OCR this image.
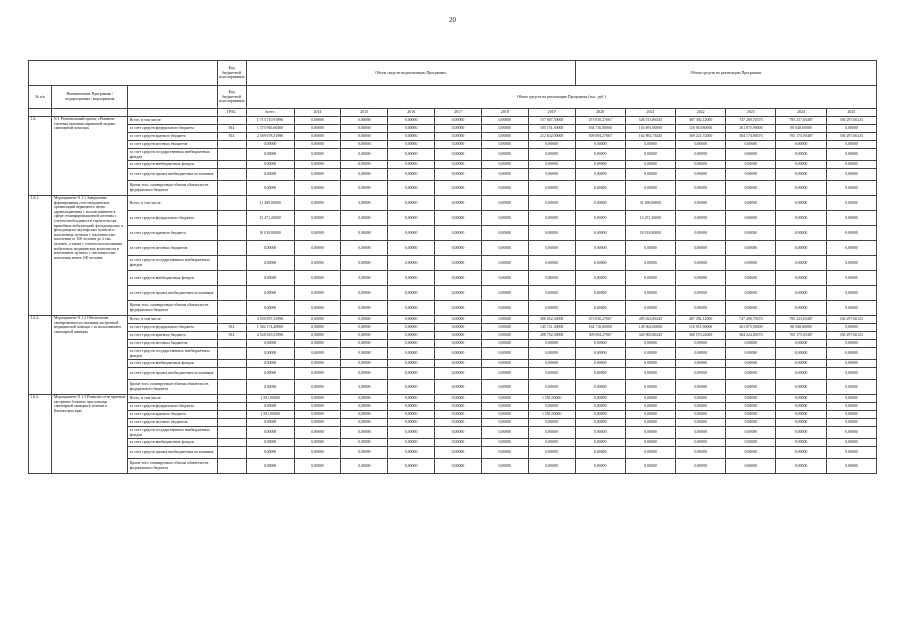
20
			Код бюджетной классификации	Объем средств на реализацию Программы							Объем средств на реализацию Программы					
№ п/п	Наименование Программы / подпрограммы / мероприятия		Код бюджетной классификации	Объем средств на реализацию Программы (тыс. руб.)												
			ГРБС	всего	2014	2015	2016	2017	2018	2019	2020	2021	2022	2023	2024	2025
1.6.	N 1 Региональный проект «Развитие системы оказания первичной медико-санитарной помощи»	Всего, в том числе:		1 713 710,91896	0,00000	0,00000	0,00000	0,00000	0,00000	157 607,30000	473 810,27067	526 513,86345	497 392,12000	747 200,70370	785 237,65487	356 297,66123
		за счет средств федерального бюджета	814	1 373 965,60400	0,00000	0,00000	0,00000	0,00000	0,00000	185 151,30000	164 716,00000	163 691,00000	116 910,80000	361 875,90000	80 048,60000	0,00000
		за счет средств краевого бюджета	814	2 569 678,31896	0,00000	0,00000	0,00000	0,00000	0,00000	212 632,00000	309 094,27067	162 892,73445	369 221,72000	384 174,80370	765 175,05487	356 297,66123
		за счет средств местных бюджетов		0,00000	0,00000	0,00000	0,00000	0,00000	0,00000	0,00000	0,00000	0,00000	0,00000	0,00000	0,00000	0,00000
		за счет средств государственных внебюджетных фондов		0,00000	0,00000	0,00000	0,00000	0,00000	0,00000	0,00000	0,00000	0,00000	0,00000	0,00000	0,00000	0,00000
		за счет средств внебюджетных фондов		0,00000	0,00000	0,00000	0,00000	0,00000	0,00000	0,00000	0,00000	0,00000	0,00000	0,00000	0,00000	0,00000
		за счет средств прочих внебюджетных источников		0,00000	0,00000	0,00000	0,00000	0,00000	0,00000	0,00000	0,00000	0,00000	0,00000	0,00000	0,00000	0,00000
		Кроме того, планируемые объемы обязательств федерального бюджета		0,00000	0,00000	0,00000	0,00000	0,00000	0,00000	0,00000	0,00000	0,00000	0,00000	0,00000	0,00000	0,00000
1.6.1.	Мероприятие N 1.1 Завершение формирования сети медицинских организаций первичного звена здравоохранения с использованием в сфере геоинформационной системы с учетом необходимости строительства врачебных амбулаторий, фельдшерских и фельдшерско-акушерских пунктов и населенных пунктов с численностью населения от 100 человек до 2 тыс. человек, а также с учетом использования мобильных медицинских комплексов в населенных пунктах с численностью населения менее 100 человек	Всего, в том числе:		31 490,00000	0,00000	0,00000	0,00000	0,00000	0,00000	0,00000	0,00000	31 490,00000	0,00000	0,00000	0,00000	0,00000
		за счет средств федерального бюджета		13 471,20000	0,00000	0,00000	0,00000	0,00000	0,00000	0,00000	0,00000	13 471,20000	0,00000	0,00000	0,00000	0,00000
		за счет средств краевого бюджета		18 018,80000	0,00000	0,00000	0,00000	0,00000	0,00000	0,00000	0,00000	18 018,80000	0,00000	0,00000	0,00000	0,00000
		за счет средств местных бюджетов		0,00000	0,00000	0,00000	0,00000	0,00000	0,00000	0,00000	0,00000	0,00000	0,00000	0,00000	0,00000	0,00000
		за счет средств государственных внебюджетных фондов		0,00000	0,00000	0,00000	0,00000	0,00000	0,00000	0,00000	0,00000	0,00000	0,00000	0,00000	0,00000	0,00000
		за счет средств внебюджетных фондов		0,00000	0,00000	0,00000	0,00000	0,00000	0,00000	0,00000	0,00000	0,00000	0,00000	0,00000	0,00000	0,00000
		за счет средств прочих внебюджетных источников		0,00000	0,00000	0,00000	0,00000	0,00000	0,00000	0,00000	0,00000	0,00000	0,00000	0,00000	0,00000	0,00000
		Кроме того, планируемые объемы обязательств федерального бюджета		0,00000	0,00000	0,00000	0,00000	0,00000	0,00000	0,00000	0,00000	0,00000	0,00000	0,00000	0,00000	0,00000
1.6.2.	Мероприятие N 1.2 Обеспечение своевременности оказания экстренной медицинской помощи с использованием санитарной авиации	Всего, в том числе:		3 050 857,31896	0,00000	0,00000	0,00000	0,00000	0,00000	386 052,30000	473 810,27067	495 023,86345	487 392,12000	747 200,70370	785 223,65487	356 297,66123
		за счет средств федерального бюджета	814	1 362 174,40000	0,00000	0,00000	0,00000	0,00000	0,00000	145 151,30000	164 716,00000	149 062,60000	116 951,90000	361 875,90000	80 048,60000	0,00000
		за счет средств краевого бюджета	814	2 528 619,31896	0,00000	0,00000	0,00000	0,00000	0,00000	208 702,30000	309 094,27067	345 965,86345	360 570,22000	384 224,80370	705 175,05487	356 297,66123
		за счет средств местных бюджетов		0,00000	0,00000	0,00000	0,00000	0,00000	0,00000	0,00000	0,00000	0,00000	0,00000	0,00000	0,00000	0,00000
		за счет средств государственных внебюджетных фондов		0,00000	0,00000	0,00000	0,00000	0,00000	0,00000	0,00000	0,00000	0,00000	0,00000	0,00000	0,00000	0,00000
		за счет средств внебюджетных фондов		0,00000	0,00000	0,00000	0,00000	0,00000	0,00000	0,00000	0,00000	0,00000	0,00000	0,00000	0,00000	0,00000
		за счет средств прочих внебюджетных источников		0,00000	0,00000	0,00000	0,00000	0,00000	0,00000	0,00000	0,00000	0,00000	0,00000	0,00000	0,00000	0,00000
		Кроме того, планируемые объемы обязательств федерального бюджета		0,00000	0,00000	0,00000	0,00000	0,00000	0,00000	0,00000	0,00000	0,00000	0,00000	0,00000	0,00000	0,00000
1.6.3.	Мероприятие N 1.3 Развитие сети приемов экстренно больных при помощи санитарной авиации в течение в Камчатском крае	Всего, в том числе:		1 591,00000	0,00000	0,00000	0,00000	0,00000	0,00000	1 591,00000	0,00000	0,00000	0,00000	0,00000	0,00000	0,00000
		за счет средств федерального бюджета		0,00000	0,00000	0,00000	0,00000	0,00000	0,00000	0,00000	0,00000	0,00000	0,00000	0,00000	0,00000	0,00000
		за счет средств краевого бюджета		1 591,00000	0,00000	0,00000	0,00000	0,00000	0,00000	1 591,00000	0,00000	0,00000	0,00000	0,00000	0,00000	0,00000
		за счет средств местных бюджетов		0,00000	0,00000	0,00000	0,00000	0,00000	0,00000	0,00000	0,00000	0,00000	0,00000	0,00000	0,00000	0,00000
		за счет средств государственных внебюджетных фондов		0,00000	0,00000	0,00000	0,00000	0,00000	0,00000	0,00000	0,00000	0,00000	0,00000	0,00000	0,00000	0,00000
		за счет средств внебюджетных фондов		0,00000	0,00000	0,00000	0,00000	0,00000	0,00000	0,00000	0,00000	0,00000	0,00000	0,00000	0,00000	0,00000
		за счет средств прочих внебюджетных источников		0,00000	0,00000	0,00000	0,00000	0,00000	0,00000	0,00000	0,00000	0,00000	0,00000	0,00000	0,00000	0,00000
		Кроме того, планируемые объемы обязательств федерального бюджета		0,00000	0,00000	0,00000	0,00000	0,00000	0,00000	0,00000	0,00000	0,00000	0,00000	0,00000	0,00000	0,00000
